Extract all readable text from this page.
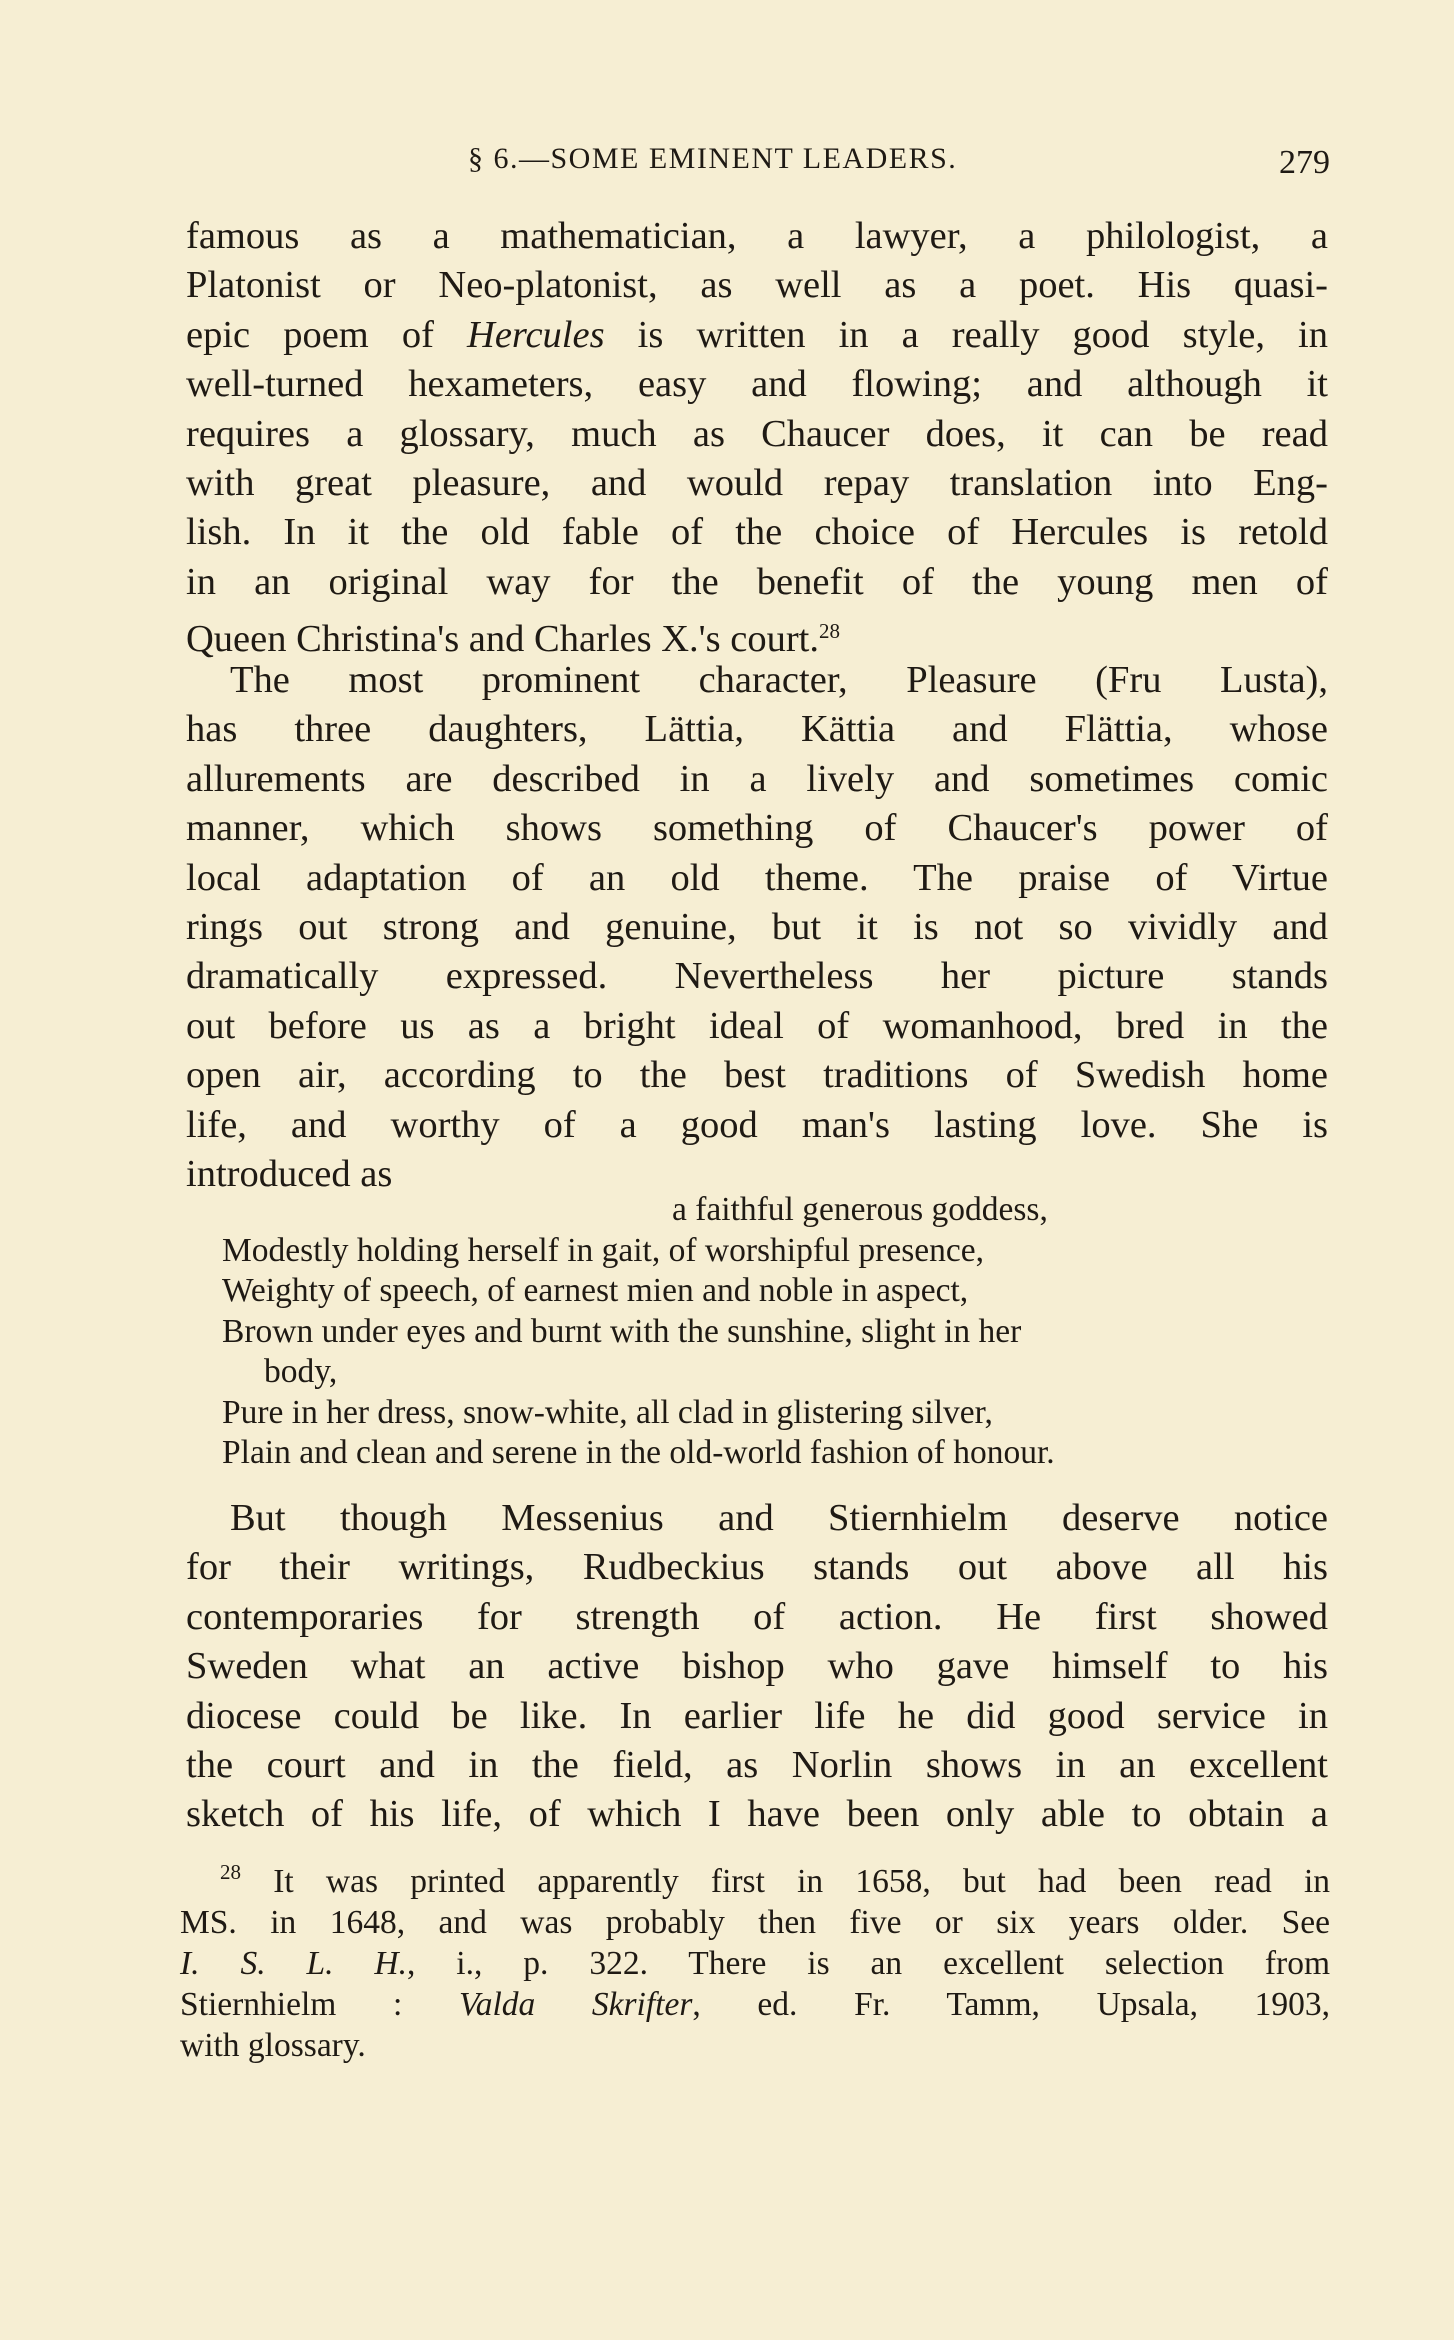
§ 6.—SOME EMINENT LEADERS.	279
famous as a mathematician, a lawyer, a philologist, a
Platonist or Neo-platonist, as well as a poet. His quasi-
epic poem of Hercules is written in a really good style, in
well-turned hexameters, easy and flowing; and although it
requires a glossary, much as Chaucer does, it can be read
with great pleasure, and would repay translation into Eng-
lish. In it the old fable of the choice of Hercules is retold
in an original way for the benefit of the young men of
Queen Christina's and Charles X.'s court.$^{28}$
The most prominent character, Pleasure (Fru Lusta),
has three daughters, Lättia, Kättia and Flättia, whose
allurements are described in a lively and sometimes comic
manner, which shows something of Chaucer's power of
local adaptation of an old theme. The praise of Virtue
rings out strong and genuine, but it is not so vividly and
dramatically expressed. Nevertheless her picture stands
out before us as a bright ideal of womanhood, bred in the
open air, according to the best traditions of Swedish home
life, and worthy of a good man's lasting love. She is
introduced as
a faithful generous goddess,
Modestly holding herself in gait, of worshipful presence,
Weighty of speech, of earnest mien and noble in aspect,
Brown under eyes and burnt with the sunshine, slight in her
body,
Pure in her dress, snow-white, all clad in glistering silver,
Plain and clean and serene in the old-world fashion of honour.
But though Messenius and Stiernhielm deserve notice
for their writings, Rudbeckius stands out above all his
contemporaries for strength of action. He first showed
Sweden what an active bishop who gave himself to his
diocese could be like. In earlier life he did good service in
the court and in the field, as Norlin shows in an excellent
sketch of his life, of which I have been only able to obtain a
$^{28}$ It was printed apparently first in 1658, but had been read in
MS. in 1648, and was probably then five or six years older. See
I. S. L. H., i., p. 322. There is an excellent selection from
Stiernhielm : Valda Skrifter, ed. Fr. Tamm, Upsala, 1903,
with glossary.
